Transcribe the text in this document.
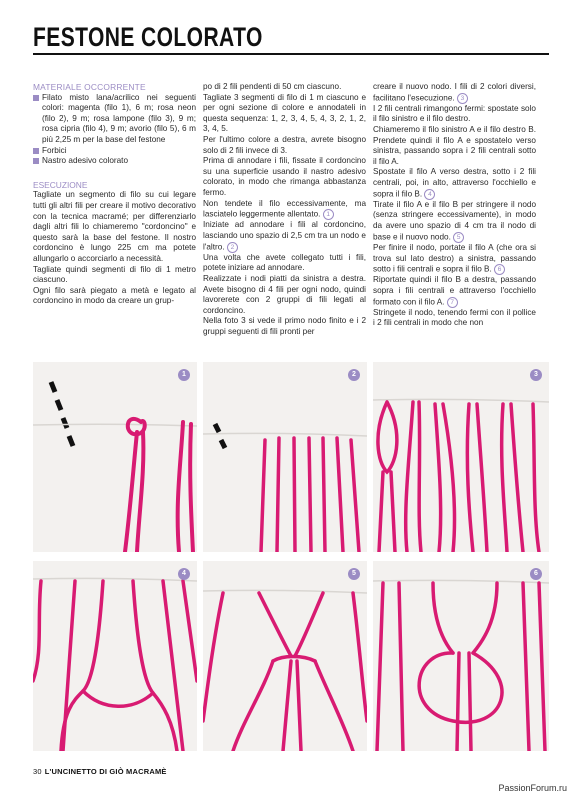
FESTONE COLORATO

MATERIALE OCCORRENTE

Filato misto lana/acrilico nei seguenti colori: magenta (filo 1), 6 m; rosa neon (filo 2), 9 m; rosa lampone (filo 3), 9 m; rosa cipria (filo 4), 9 m; avorio (filo 5), 6 m più 2,25 m per la base del festone

Forbici

Nastro adesivo colorato

ESECUZIONE

Tagliate un segmento di filo su cui legare tutti gli altri fili per creare il motivo decorativo con la tecnica macramé; per differenziarlo dagli altri fili lo chiameremo "cordoncino" e questo sarà la base del festone. Il nostro cordoncino è lungo 225 cm ma potete allungarlo o accorciarlo a necessità.

Tagliate quindi segmenti di filo di 1 metro ciascuno.

Ogni filo sarà piegato a metà e legato al cordoncino in modo da creare un grup-

po di 2 fili pendenti di 50 cm ciascuno.

Tagliate 3 segmenti di filo di 1 m ciascuno e per ogni sezione di colore e annodateli in questa sequenza: 1, 2, 3, 4, 5, 4, 3, 2, 1, 2, 3, 4, 5.

Per l'ultimo colore a destra, avrete bisogno solo di 2 fili invece di 3.

Prima di annodare i fili, fissate il cordoncino su una superficie usando il nastro adesivo colorato, in modo che rimanga abbastanza fermo.

Non tendete il filo eccessivamente, ma lasciatelo leggermente allentato. 1

Iniziate ad annodare i fili al cordoncino, lasciando uno spazio di 2,5 cm tra un nodo e l'altro. 2

Una volta che avete collegato tutti i fili, potete iniziare ad annodare.

Realizzate i nodi piatti da sinistra a destra. Avete bisogno di 4 fili per ogni nodo, quindi lavorerete con 2 gruppi di fili legati al cordoncino.

Nella foto 3 si vede il primo nodo finito e i 2 gruppi seguenti di fili pronti per

creare il nuovo nodo. I fili di 2 colori diversi, facilitano l'esecuzione. 3

I 2 fili centrali rimangono fermi: spostate solo il filo sinistro e il filo destro.

Chiameremo il filo sinistro A e il filo destro B. Prendete quindi il filo A e spostatelo verso sinistra, passando sopra i 2 fili centrali sotto il filo A.

Spostate il filo A verso destra, sotto i 2 fili centrali, poi, in alto, attraverso l'occhiello e sopra il filo B. 4

Tirate il filo A e il filo B per stringere il nodo (senza stringere eccessivamente), in modo da avere uno spazio di 4 cm tra il nodo di base e il nuovo nodo. 5

Per finire il nodo, portate il filo A (che ora si trova sul lato destro) a sinistra, passando sotto i fili centrali e sopra il filo B. 6

Riportate quindi il filo B a destra, passando sopra i fili centrali e attraverso l'occhiello formato con il filo A. 7

Stringete il nodo, tenendo fermi con il pollice i 2 fili centrali in modo che non

1	2	3
4	5	6
30 L'UNCINETTO DI GIÒ MACRAMÈ
PassionForum.ru
